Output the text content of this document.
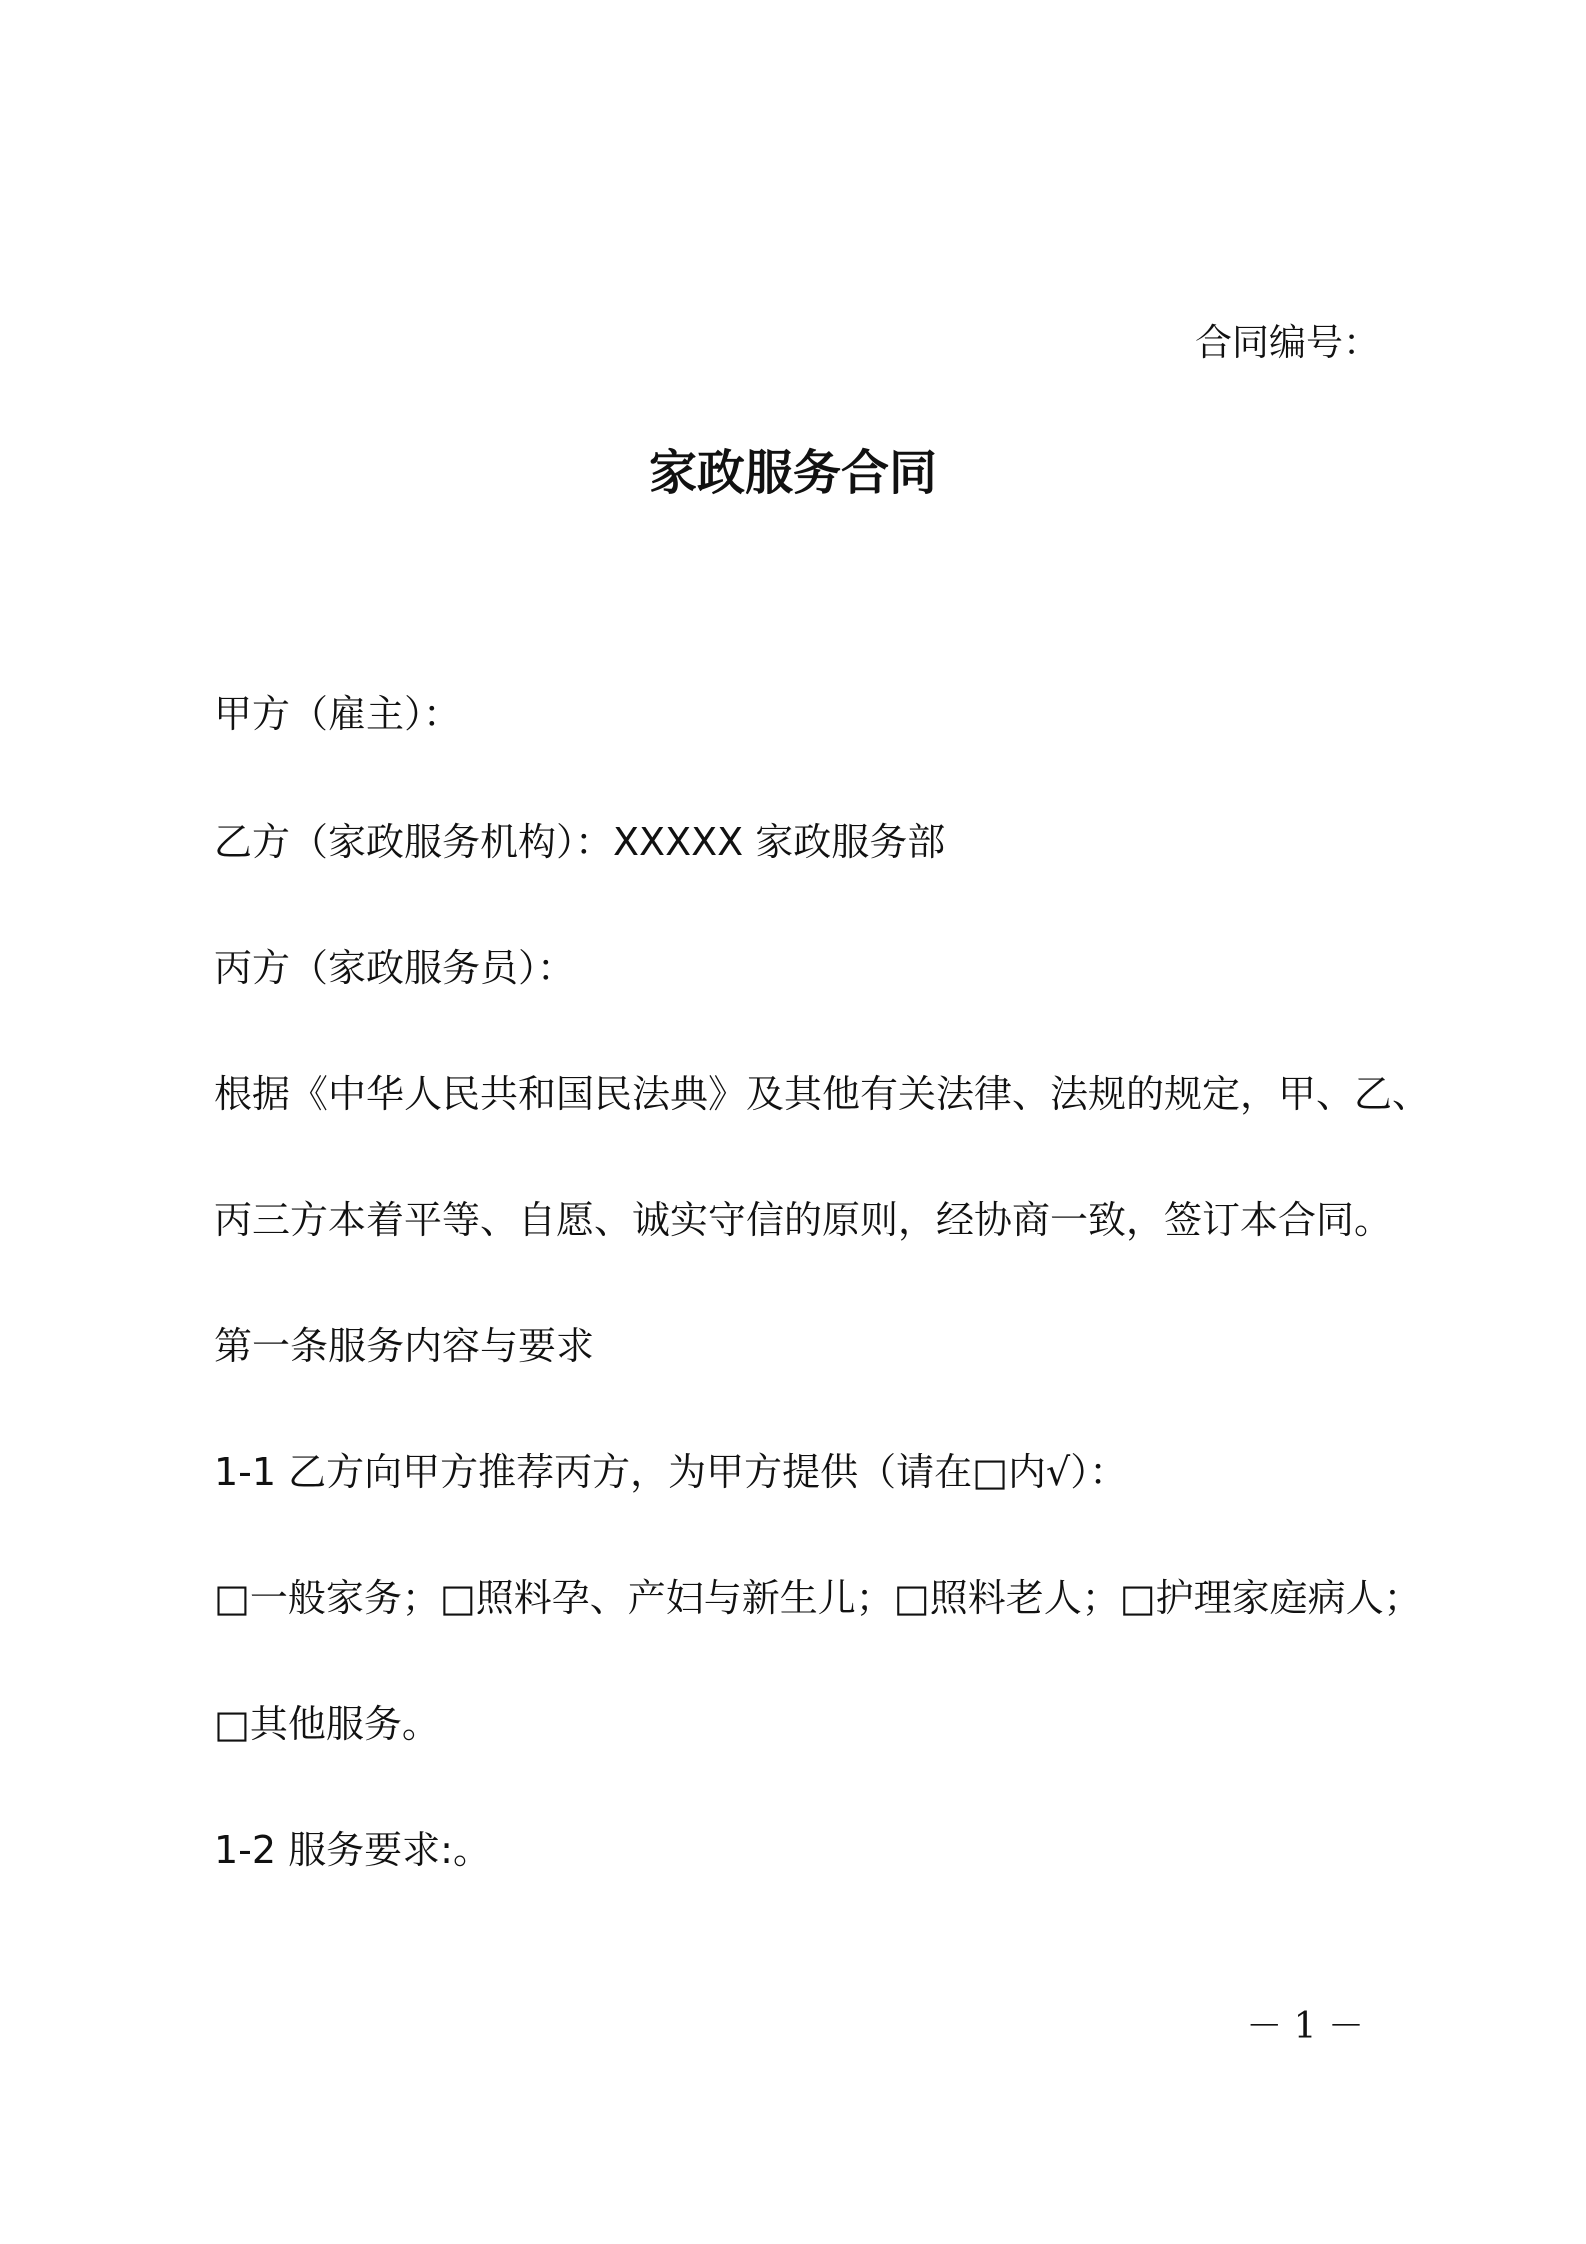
合同编号：
家政服务合同
甲方（雇主）：
乙方（家政服务机构）：XXXXX 家政服务部
丙方（家政服务员）：
根据《中华人民共和国民法典》及其他有关法律、法规的规定，甲、乙、
丙三方本着平等、自愿、诚实守信的原则，经协商一致，签订本合同。
第一条服务内容与要求
1-1 乙方向甲方推荐丙方，为甲方提供（请在□内√）：
□一般家务；□照料孕、产妇与新生儿；□照料老人；□护理家庭病人；
□其他服务。
1-2 服务要求:。
－ 1 －
